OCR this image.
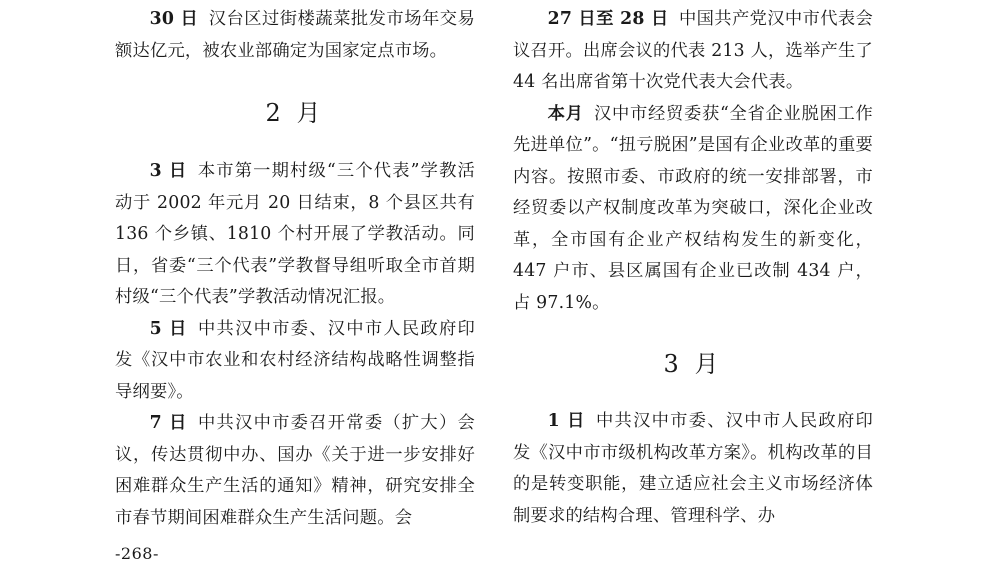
30 日 汉台区过街楼蔬菜批发市场年交易额达亿元，被农业部确定为国家定点市场。

2 月

3 日 本市第一期村级“三个代表”学教活动于 2002 年元月 20 日结束，8 个县区共有 136 个乡镇、1810 个村开展了学教活动。同日，省委“三个代表”学教督导组听取全市首期村级“三个代表”学教活动情况汇报。

5 日 中共汉中市委、汉中市人民政府印发《汉中市农业和农村经济结构战略性调整指导纲要》。

7 日 中共汉中市委召开常委（扩大）会议，传达贯彻中办、国办《关于进一步安排好困难群众生产生活的通知》精神，研究安排全市春节期间困难群众生产生活问题。会

27 日至 28 日 中国共产党汉中市代表会议召开。出席会议的代表 213 人，选举产生了 44 名出席省第十次党代表大会代表。

本月 汉中市经贸委获“全省企业脱困工作先进单位”。“扭亏脱困”是国有企业改革的重要内容。按照市委、市政府的统一安排部署，市经贸委以产权制度改革为突破口，深化企业改革，全市国有企业产权结构发生的新变化，447 户市、县区属国有企业已改制 434 户，占 97.1%。

3 月

1 日 中共汉中市委、汉中市人民政府印发《汉中市市级机构改革方案》。机构改革的目的是转变职能，建立适应社会主义市场经济体制要求的结构合理、管理科学、办

-268-
